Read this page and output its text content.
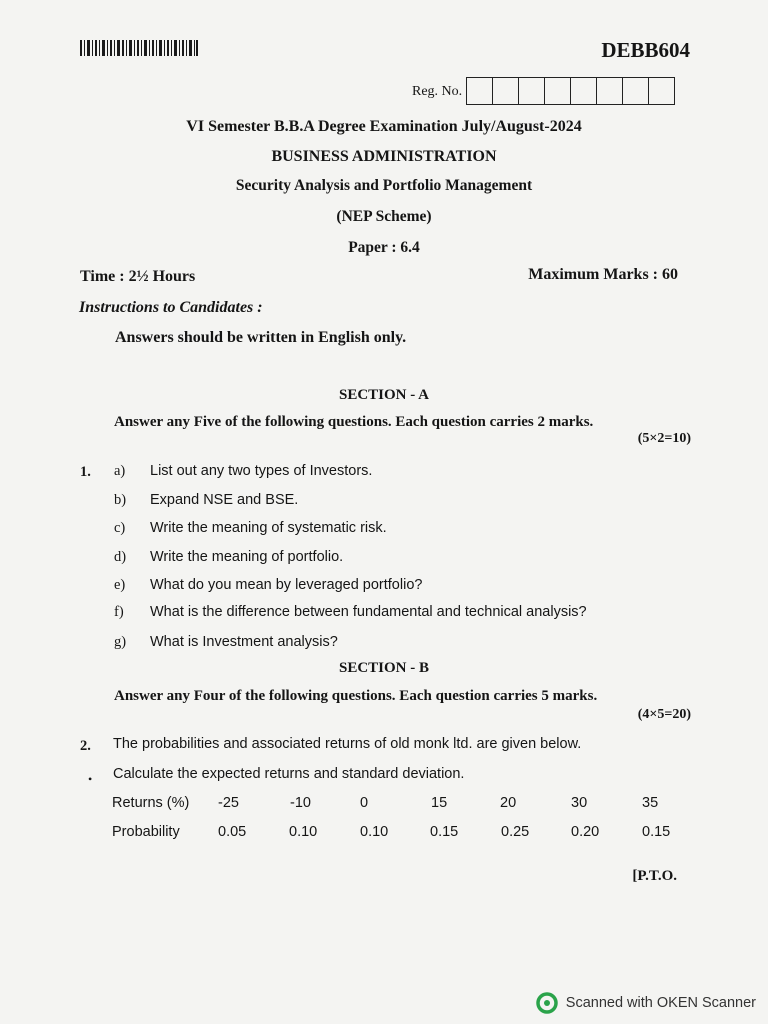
DEBB604
Reg. No.
VI Semester B.B.A Degree Examination July/August-2024
BUSINESS ADMINISTRATION
Security Analysis and Portfolio Management
(NEP Scheme)
Paper : 6.4
Time : 2½ Hours	Maximum Marks : 60
Instructions to Candidates :
Answers should be written in English only.
SECTION - A
Answer any Five of the following questions. Each question carries 2 marks.
(5×2=10)
1. a) List out any two types of Investors.
b) Expand NSE and BSE.
c) Write the meaning of systematic risk.
d) Write the meaning of portfolio.
e) What do you mean by leveraged portfolio?
f) What is the difference between fundamental and technical analysis?
g) What is Investment analysis?
SECTION - B
Answer any Four of the following questions. Each question carries 5 marks.
(4×5=20)
2. The probabilities and associated returns of old monk ltd. are given below.
• Calculate the expected returns and standard deviation.
Returns (%) -25	-10	0	15	20	30	35
Probability	0.05	0.10	0.10	0.15	0.25	0.20	0.15
[P.T.O.
Scanned with OKEN Scanner
